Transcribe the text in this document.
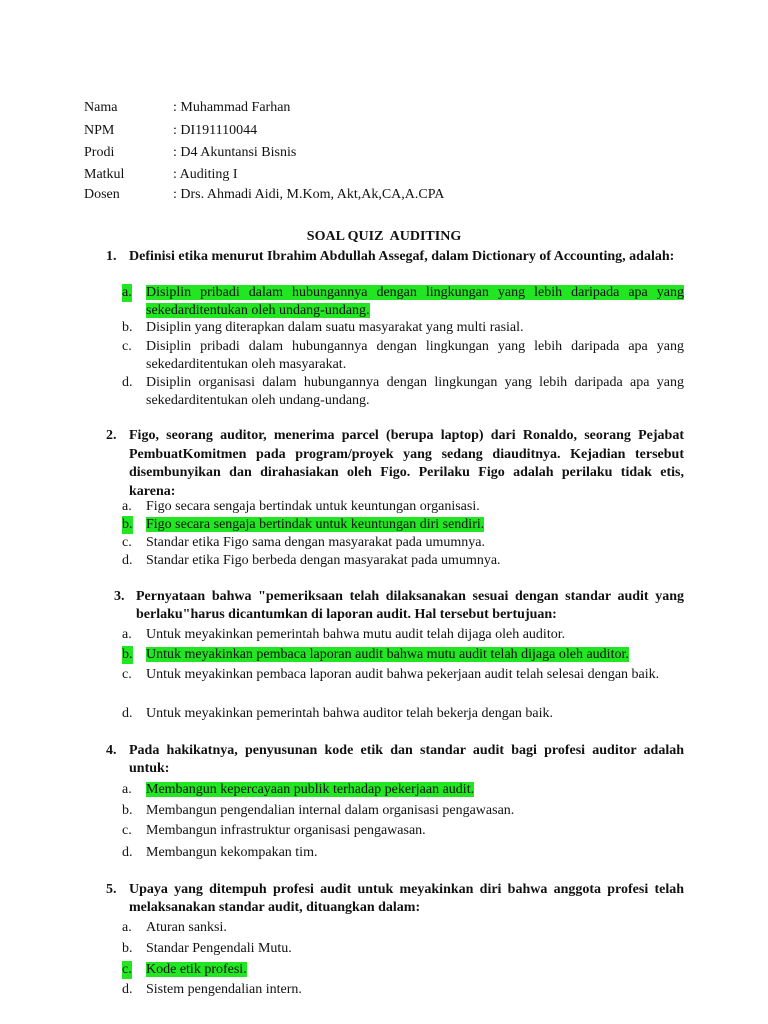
Nama	: Muhammad Farhan
NPM	: DI191110044
Prodi	: D4 Akuntansi Bisnis
Matkul	: Auditing I
Dosen	: Drs. Ahmadi Aidi, M.Kom, Akt,Ak,CA,A.CPA
SOAL QUIZ  AUDITING
1. Definisi etika menurut Ibrahim Abdullah Assegaf, dalam Dictionary of Accounting, adalah:
a. Disiplin pribadi dalam hubungannya dengan lingkungan yang lebih daripada apa yang sekedarditentukan oleh undang-undang.
b. Disiplin yang diterapkan dalam suatu masyarakat yang multi rasial.
c. Disiplin pribadi dalam hubungannya dengan lingkungan yang lebih daripada apa yang sekedarditentukan oleh masyarakat.
d. Disiplin organisasi dalam hubungannya dengan lingkungan yang lebih daripada apa yang sekedarditentukan oleh undang-undang.
2. Figo, seorang auditor, menerima parcel (berupa laptop) dari Ronaldo, seorang Pejabat PembuatKomitmen pada program/proyek yang sedang diauditnya. Kejadian tersebut disembunyikan dan dirahasiakan oleh Figo. Perilaku Figo adalah perilaku tidak etis, karena:
a. Figo secara sengaja bertindak untuk keuntungan organisasi.
b. Figo secara sengaja bertindak untuk keuntungan diri sendiri.
c. Standar etika Figo sama dengan masyarakat pada umumnya.
d. Standar etika Figo berbeda dengan masyarakat pada umumnya.
3. Pernyataan bahwa "pemeriksaan telah dilaksanakan sesuai dengan standar audit yang berlaku"harus dicantumkan di laporan audit. Hal tersebut bertujuan:
a. Untuk meyakinkan pemerintah bahwa mutu audit telah dijaga oleh auditor.
b. Untuk meyakinkan pembaca laporan audit bahwa mutu audit telah dijaga oleh auditor.
c. Untuk meyakinkan pembaca laporan audit bahwa pekerjaan audit telah selesai dengan baik.
d. Untuk meyakinkan pemerintah bahwa auditor telah bekerja dengan baik.
4. Pada hakikatnya, penyusunan kode etik dan standar audit bagi profesi auditor adalah untuk:
a. Membangun kepercayaan publik terhadap pekerjaan audit.
b. Membangun pengendalian internal dalam organisasi pengawasan.
c. Membangun infrastruktur organisasi pengawasan.
d. Membangun kekompakan tim.
5. Upaya yang ditempuh profesi audit untuk meyakinkan diri bahwa anggota profesi telah melaksanakan standar audit, dituangkan dalam:
a. Aturan sanksi.
b. Standar Pengendali Mutu.
c. Kode etik profesi.
d. Sistem pengendalian intern.
